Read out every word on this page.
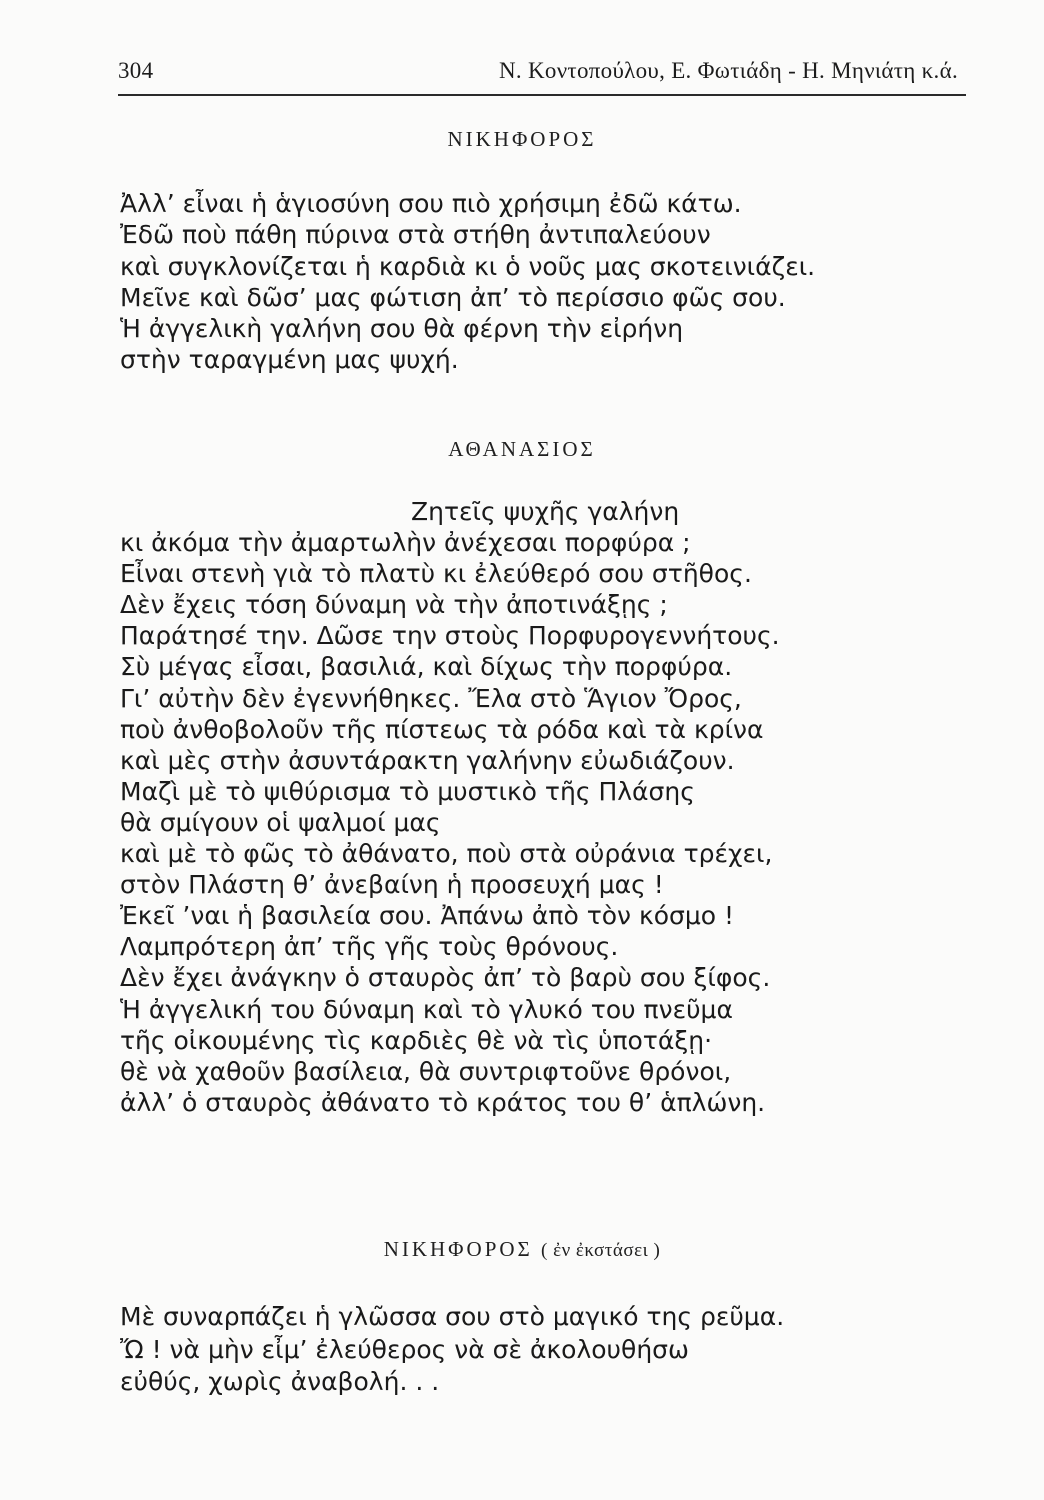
304	Ν. Κοντοπούλου, Ε. Φωτιάδη - Η. Μηνιάτη κ.ά.
ΝΙΚΗΦΟΡΟΣ
Ἀλλ’ εἶναι ἡ ἁγιοσύνη σου πιὸ χρήσιμη ἐδῶ κάτω.
Ἐδῶ ποὺ πάθη πύρινα στὰ στήθη ἀντιπαλεύουν
καὶ συγκλονίζεται ἡ καρδιὰ κι ὁ νοῦς μας σκοτεινιάζει.
Μεῖνε καὶ δῶσ’ μας φώτιση ἀπ’ τὸ περίσσιο φῶς σου.
Ἡ ἀγγελικὴ γαλήνη σου θὰ φέρνη τὴν εἰρήνη
στὴν ταραγμένη μας ψυχή.
ΑΘΑΝΑΣΙΟΣ
Ζητεῖς ψυχῆς γαλήνη
κι ἀκόμα τὴν ἀμαρτωλὴν ἀνέχεσαι πορφύρα ;
Εἶναι στενὴ γιὰ τὸ πλατὺ κι ἐλεύθερό σου στῆθος.
Δὲν ἔχεις τόση δύναμη νὰ τὴν ἀποτινάξῃς ;
Παράτησέ την. Δῶσε την στοὺς Πορφυρογεννήτους.
Σὺ μέγας εἶσαι, βασιλιά, καὶ δίχως τὴν πορφύρα.
Γι’ αὐτὴν δὲν ἐγεννήθηκες. Ἔλα στὸ Ἅγιον Ὄρος,
ποὺ ἀνθοβολοῦν τῆς πίστεως τὰ ρόδα καὶ τὰ κρίνα
καὶ μὲς στὴν ἀσυντάρακτη γαλήνην εὐωδιάζουν.
Μαζὶ μὲ τὸ ψιθύρισμα τὸ μυστικὸ τῆς Πλάσης
θὰ σμίγουν οἱ ψαλμοί μας
καὶ μὲ τὸ φῶς τὸ ἀθάνατο, ποὺ στὰ οὐράνια τρέχει,
στὸν Πλάστη θ’ ἀνεβαίνη ἡ προσευχή μας !
Ἐκεῖ ’ναι ἡ βασιλεία σου. Ἀπάνω ἀπὸ τὸν κόσμο !
Λαμπρότερη ἀπ’ τῆς γῆς τοὺς θρόνους.
Δὲν ἔχει ἀνάγκην ὁ σταυρὸς ἀπ’ τὸ βαρὺ σου ξίφος.
Ἡ ἀγγελική του δύναμη καὶ τὸ γλυκό του πνεῦμα
τῆς οἰκουμένης τὶς καρδιὲς θὲ νὰ τὶς ὑποτάξῃ·
θὲ νὰ χαθοῦν βασίλεια, θὰ συντριφτοῦνε θρόνοι,
ἀλλ’ ὁ σταυρὸς ἀθάνατο τὸ κράτος του θ’ ἁπλώνη.
ΝΙΚΗΦΟΡΟΣ ( ἐν ἐκστάσει )
Μὲ συναρπάζει ἡ γλῶσσα σου στὸ μαγικό της ρεῦμα.
Ὤ ! νὰ μὴν εἶμ’ ἐλεύθερος νὰ σὲ ἀκολουθήσω
εὐθύς, χωρὶς ἀναβολή. . .
